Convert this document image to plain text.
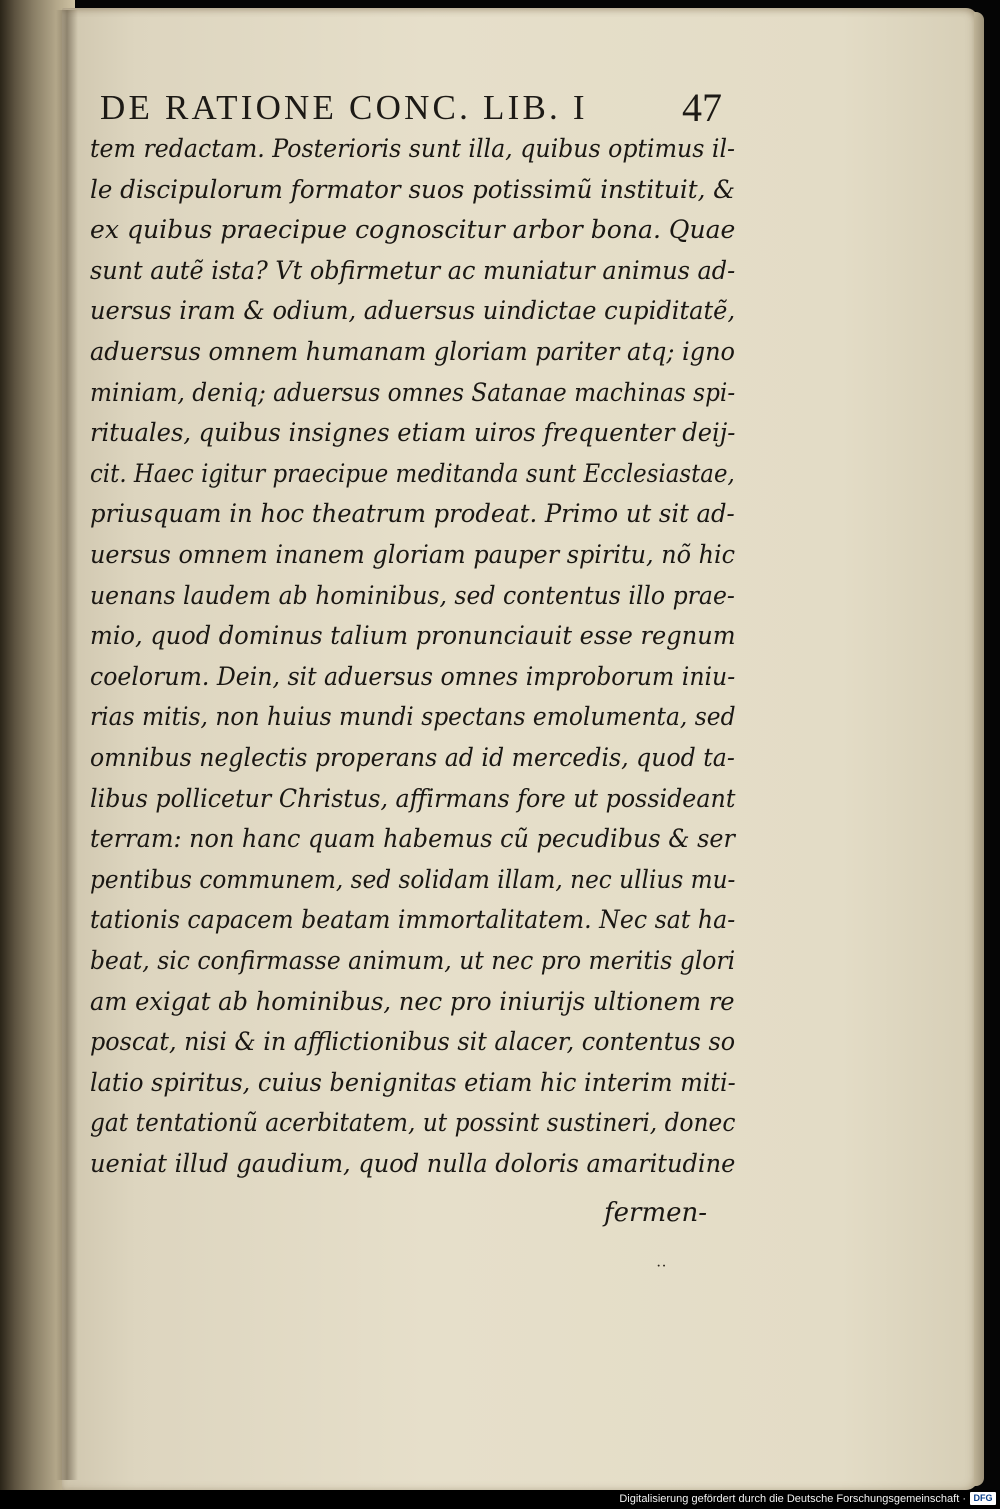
DE RATIONE CONC. LIB. I 47
tem redactam. Posterioris sunt illa, quibus optimus il-
le discipulorum formator suos potissimũ instituit, &
ex quibus praecipue cognoscitur arbor bona. Quae
sunt autẽ ista? Vt obfirmetur ac muniatur animus ad-
uersus iram & odium, aduersus uindictae cupiditatẽ,
aduersus omnem humanam gloriam pariter atq; igno
miniam, deniq; aduersus omnes Satanae machinas spi-
rituales, quibus insignes etiam uiros frequenter deij-
cit. Haec igitur praecipue meditanda sunt Ecclesiastae,
priusquam in hoc theatrum prodeat. Primo ut sit ad-
uersus omnem inanem gloriam pauper spiritu, nõ hic
uenans laudem ab hominibus, sed contentus illo prae-
mio, quod dominus talium pronunciauit esse regnum
coelorum. Dein, sit aduersus omnes improborum iniu-
rias mitis, non huius mundi spectans emolumenta, sed
omnibus neglectis properans ad id mercedis, quod ta-
libus pollicetur Christus, affirmans fore ut possideant
terram: non hanc quam habemus cũ pecudibus & ser
pentibus communem, sed solidam illam, nec ullius mu-
tationis capacem beatam immortalitatem. Nec sat ha-
beat, sic confirmasse animum, ut nec pro meritis glori
am exigat ab hominibus, nec pro iniurijs ultionem re
poscat, nisi & in afflictionibus sit alacer, contentus so
latio spiritus, cuius benignitas etiam hic interim miti-
gat tentationũ acerbitatem, ut possint sustineri, donec
ueniat illud gaudium, quod nulla doloris amaritudine
fermen-
··
Digitalisierung gefördert durch die Deutsche Forschungsgemeinschaft · DFG
